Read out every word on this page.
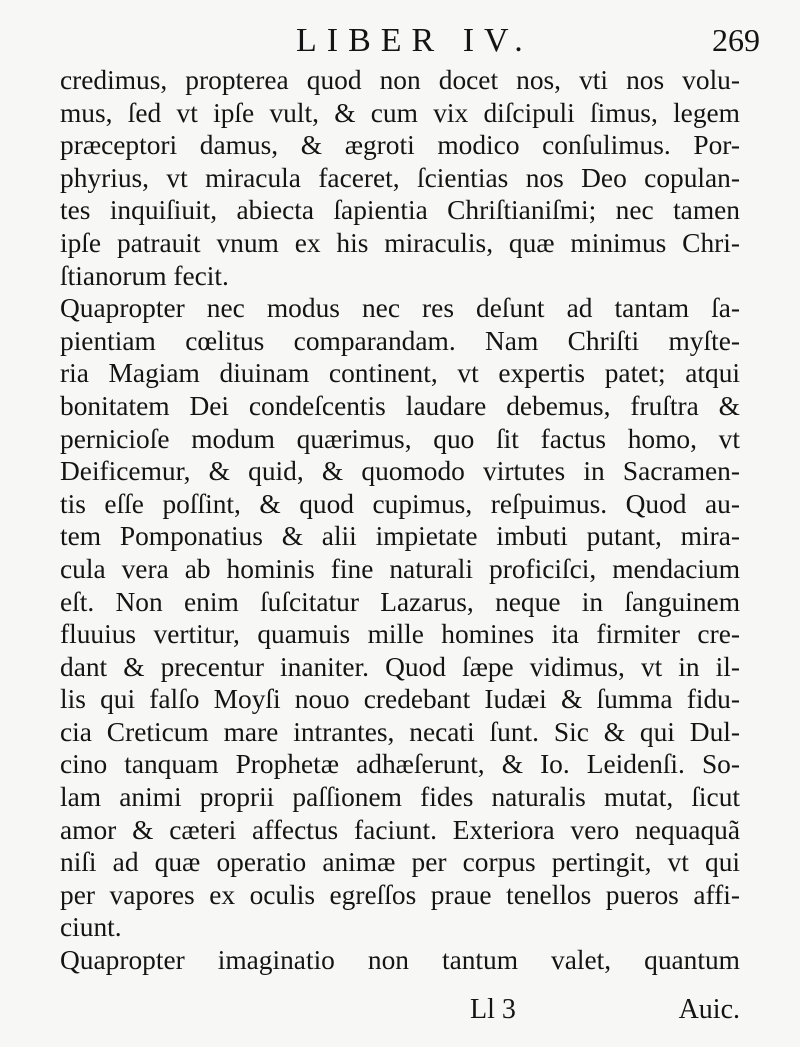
LIBER IV.	269
credimus, propterea quod non docet nos, vti nos volu-
mus, ſed vt ipſe vult, & cum vix diſcipuli ſimus, legem
præceptori damus, & ægroti modico conſulimus. Por-
phyrius, vt miracula faceret, ſcientias nos Deo copulan-
tes inquiſiuit, abiecta ſapientia Chriſtianiſmi; nec tamen
ipſe patrauit vnum ex his miraculis, quæ minimus Chri-
ſtianorum fecit.
Quapropter nec modus nec res deſunt ad tantam ſa-
pientiam cœlitus comparandam. Nam Chriſti myſte-
ria Magiam diuinam continent, vt expertis patet; atqui
bonitatem Dei condeſcentis laudare debemus, fruſtra &
pernicioſe modum quærimus, quo ſit factus homo, vt
Deificemur, & quid, & quomodo virtutes in Sacramen-
tis eſſe poſſint, & quod cupimus, reſpuimus. Quod au-
tem Pomponatius & alii impietate imbuti putant, mira-
cula vera ab hominis fine naturali proficiſci, mendacium
eſt. Non enim ſuſcitatur Lazarus, neque in ſanguinem
fluuius vertitur, quamuis mille homines ita firmiter cre-
dant & precentur inaniter. Quod ſæpe vidimus, vt in il-
lis qui falſo Moyſi nouo credebant Iudæi & ſumma fidu-
cia Creticum mare intrantes, necati ſunt. Sic & qui Dul-
cino tanquam Prophetæ adhæſerunt, & Io. Leidenſi. So-
lam animi proprii paſſionem fides naturalis mutat, ſicut
amor & cæteri affectus faciunt. Exteriora vero nequaquã
niſi ad quæ operatio animæ per corpus pertingit, vt qui
per vapores ex oculis egreſſos praue tenellos pueros affi-
ciunt.
Quapropter imaginatio non tantum valet, quantum
Ll 3	Auic.
